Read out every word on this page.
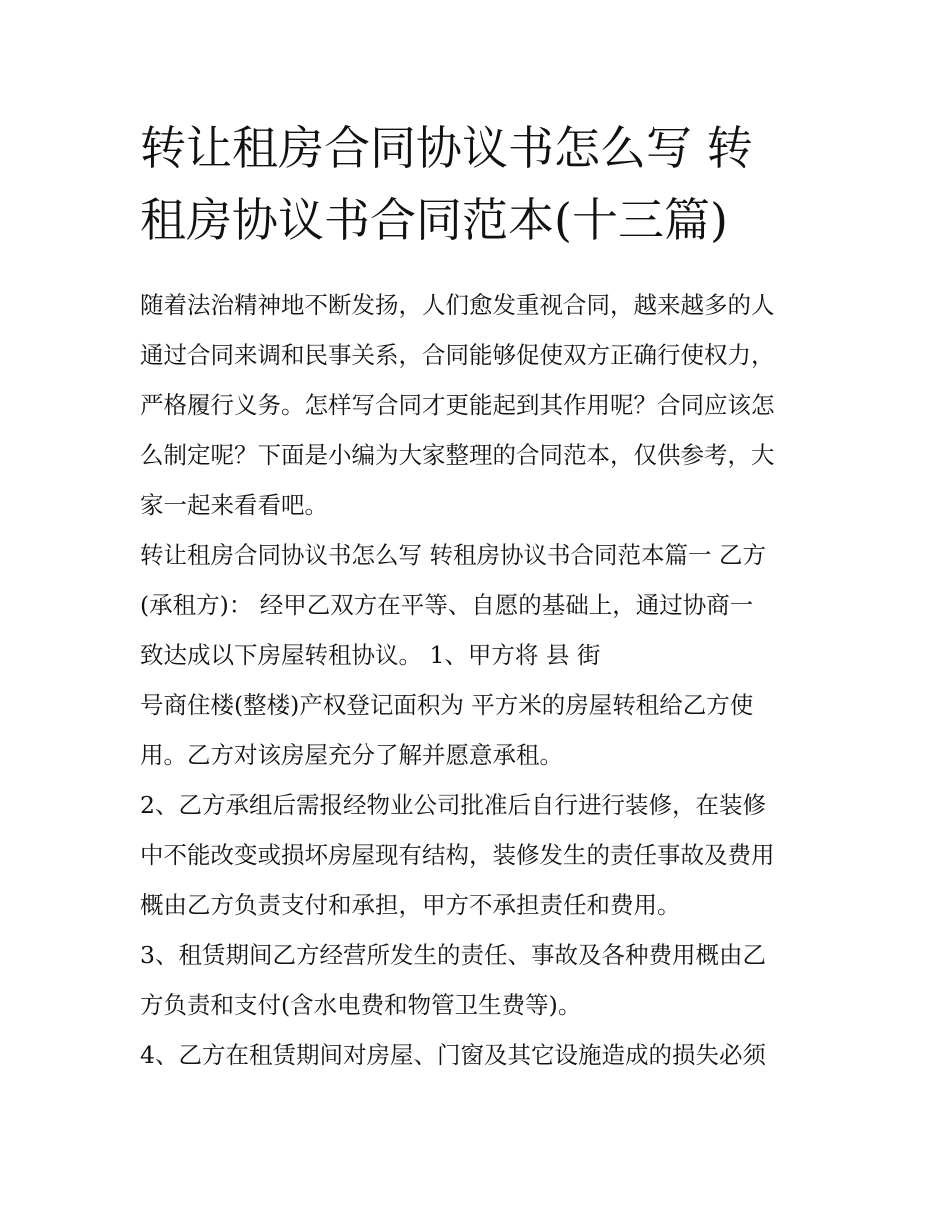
转让租房合同协议书怎么写 转
租房协议书合同范本(十三篇)
随着法治精神地不断发扬，人们愈发重视合同，越来越多的人
通过合同来调和民事关系，合同能够促使双方正确行使权力，
严格履行义务。怎样写合同才更能起到其作用呢？合同应该怎
么制定呢？下面是小编为大家整理的合同范本，仅供参考，大
家一起来看看吧。
转让租房合同协议书怎么写 转租房协议书合同范本篇一 乙方
(承租方)： 经甲乙双方在平等、自愿的基础上，通过协商一
致达成以下房屋转租协议。 1、甲方将 县 街
号商住楼(整楼)产权登记面积为 平方米的房屋转租给乙方使
用。乙方对该房屋充分了解并愿意承租。
2、乙方承组后需报经物业公司批准后自行进行装修，在装修
中不能改变或损坏房屋现有结构，装修发生的责任事故及费用
概由乙方负责支付和承担，甲方不承担责任和费用。
3、租赁期间乙方经营所发生的责任、事故及各种费用概由乙
方负责和支付(含水电费和物管卫生费等)。
4、乙方在租赁期间对房屋、门窗及其它设施造成的损失必须
